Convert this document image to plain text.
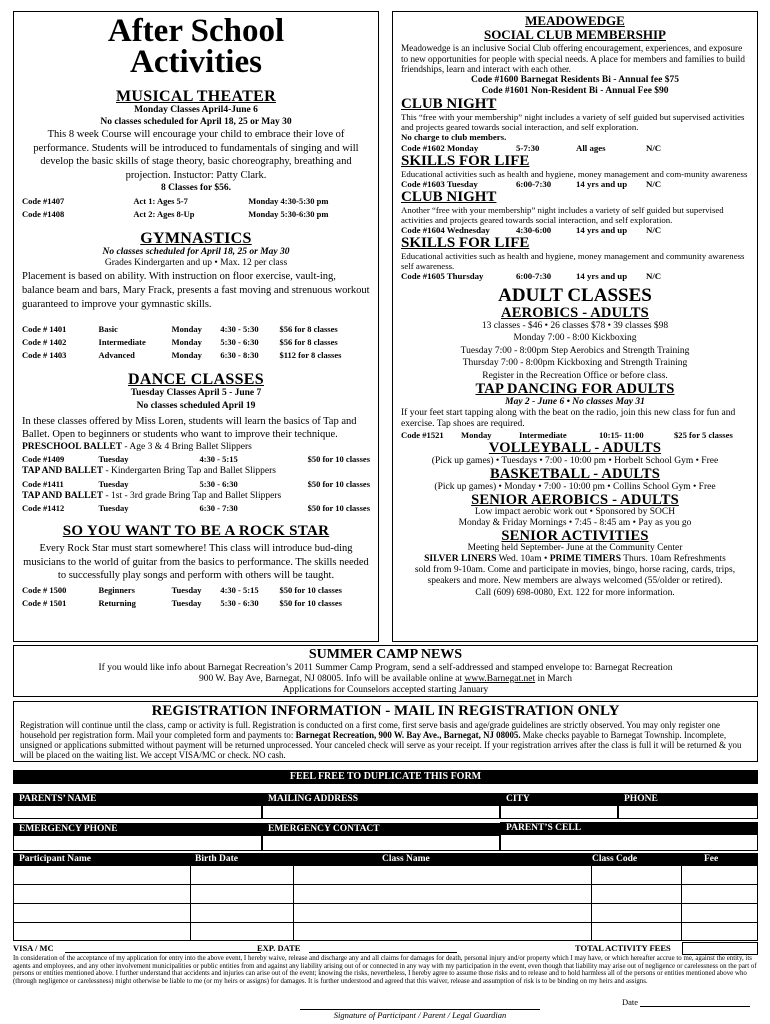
After School
Activities
MUSICAL THEATER
Monday Classes April4-June 6
No classes scheduled for April 18, 25 or May 30
This 8 week Course will encourage your child to embrace their love of performance. Students will be introduced to fundamentals of singing and will develop the basic skills of stage theory, basic choreography, breathing and projection. Instuctor: Patty Clark.
8 Classes for $56.
Code #1407	Act 1: Ages 5-7	Monday 4:30-5:30 pm
Code #1408	Act 2: Ages 8-Up	Monday 5:30-6:30 pm
GYMNASTICS
No classes scheduled for April 18, 25 or May 30
Grades Kindergarten and up • Max. 12 per class
Placement is based on ability. With instruction on floor exercise, vault-ing, balance beam and bars, Mary Frack, presents a fast moving and strenuous workout guaranteed to improve your gymnastic skills.
Code # 1401	Basic	Monday	4:30 - 5:30	$56 for 8 classes
Code # 1402	Intermediate	Monday	5:30 - 6:30	$56 for 8 classes
Code # 1403	Advanced	Monday	6:30 - 8:30	$112 for 8 classes
DANCE CLASSES
Tuesday Classes April 5 - June 7
No classes scheduled April 19
In these classes offered by Miss Loren, students will learn the basics of Tap and Ballet. Open to beginners or students who want to improve their technique.
PRESCHOOL BALLET - Age 3 & 4 Bring Ballet Slippers
Code #1409	Tuesday	4:30 - 5:15	$50 for 10 classes
TAP AND BALLET - Kindergarten Bring Tap and Ballet Slippers
Code #1411	Tuesday	5:30 - 6:30	$50 for 10 classes
TAP AND BALLET - 1st - 3rd grade Bring Tap and Ballet Slippers
Code #1412	Tuesday	6:30 - 7:30	$50 for 10 classes
SO YOU WANT TO BE A ROCK STAR
Every Rock Star must start somewhere! This class will introduce bud-ding musicians to the world of guitar from the basics to performance. The skills needed to successfully play songs and perform with others will be taught.
Code # 1500	Beginners	Tuesday	4:30 - 5:15	$50 for 10 classes
Code # 1501	Returning	Tuesday	5:30 - 6:30	$50 for 10 classes
MEADOWEDGE
SOCIAL CLUB MEMBERSHIP
Meadowedge is an inclusive Social Club offering encouragement, experiences, and exposure to new opportunities for people with special needs. A place for members and families to build friendships, learn and interact with each other.
Code #1600 Barnegat Residents Bi - Annual fee $75
Code #1601 Non-Resident Bi - Annual Fee $90
CLUB NIGHT
This “free with your membership” night includes a variety of self guided but supervised activities and projects geared towards social interaction, and self exploration.
No charge to club members.
Code #1602 Monday	5-7:30	All ages	N/C
SKILLS FOR LIFE
Educational activities such as health and hygiene, money management and com-munity awareness
Code #1603 Tuesday	6:00-7:30	14 yrs and up	N/C
CLUB NIGHT
Another “free with your membership” night includes a variety of self guided but supervised activities and projects geared towards social interaction, and self exploration.
Code #1604 Wednesday	4:30-6:00	14 yrs and up	N/C
SKILLS FOR LIFE
Educational activities such as health and hygiene, money management and community awareness self awareness.
Code #1605 Thursday	6:00-7:30	14 yrs and up	N/C
ADULT CLASSES
AEROBICS - ADULTS
13 classes - $46 • 26 classes $78 • 39 classes $98
Monday 7:00 - 8:00 Kickboxing
Tuesday 7:00 - 8:00pm Step Aerobics and Strength Training
Thursday 7:00 - 8:00pm Kickboxing and Strength Training
Register in the Recreation Office or before class.
TAP DANCING FOR ADULTS
May 2 - June 6 • No classes May 31
If your feet start tapping along with the beat on the radio, join this new class for fun and exercise. Tap shoes are required.
Code #1521	Monday	Intermediate	10:15- 11:00	$25 for 5 classes
VOLLEYBALL - ADULTS
(Pick up games) • Tuesdays • 7:00 - 10:00 pm • Horbelt School Gym • Free
BASKETBALL - ADULTS
(Pick up games) • Monday • 7:00 - 10:00 pm • Collins School Gym • Free
SENIOR AEROBICS - ADULTS
Low impact aerobic work out • Sponsored by SOCH
Monday & Friday Mornings • 7:45 - 8:45 am • Pay as you go
SENIOR ACTIVITIES
Meeting held September- June at the Community Center
SILVER LINERS Wed. 10am • PRIME TIMERS Thurs. 10am Refreshments
sold from 9-10am. Come and participate in movies, bingo, horse racing, cards, trips, speakers and more. New members are always welcomed (55/older or retired).
Call (609) 698-0080, Ext. 122 for more information.
SUMMER CAMP NEWS
If you would like info about Barnegat Recreation’s 2011 Summer Camp Program, send a self-addressed and stamped envelope to: Barnegat Recreation
900 W. Bay Ave, Barnegat, NJ 08005. Info will be available online at www.Barnegat.net in March
Applications for Counselors accepted starting January
REGISTRATION INFORMATION - MAIL IN REGISTRATION ONLY
Registration will continue until the class, camp or activity is full. Registration is conducted on a first come, first serve basis and age/grade guidelines are strictly observed. You may only register one household per registration form. Mail your completed form and payments to: Barnegat Recreation, 900 W. Bay Ave., Barnegat, NJ 08005. Make checks payable to Barnegat Township. Incomplete, unsigned or applications submitted without payment will be returned unprocessed. Your canceled check will serve as your receipt. If your registration arrives after the class is full it will be returned & you will be placed on the waiting list. We accept VISA/MC or check. NO cash.
FEEL FREE TO DUPLICATE THIS FORM
PARENTS’ NAME	MAILING ADDRESS	CITY	PHONE
EMERGENCY PHONE	EMERGENCY CONTACT	PARENT’S CELL
Participant Name	Birth Date	Class Name	Class Code	Fee
VISA / MC	EXP. DATE	TOTAL ACTIVITY FEES
In consideration of the acceptance of my application for entry into the above event, I hereby waive, release and discharge any and all claims for damages for death, personal injury and/or property which I may have, or which hereafter accrue to me, against the entity, its agents and employees, and any other involvement municipalities or public entities from and against any liability arising out of or connected in any way with my participation in the event, even though that liability may arise out of negligence or carelessness on the part of persons or entities mentioned above. I further understand that accidents and injuries can arise out of the event; knowing the risks, nevertheless, I hereby agree to assume those risks and to release and to hold harmless all of the persons or entities mentioned above who (through negligence or carelessness) might otherwise be liable to me (or my heirs or assigns) for damages. It is further understood and agreed that this waiver, release and assumption of risk is to be binding on my heirs and assigns.
Date
Signature of Participant / Parent / Legal Guardian
